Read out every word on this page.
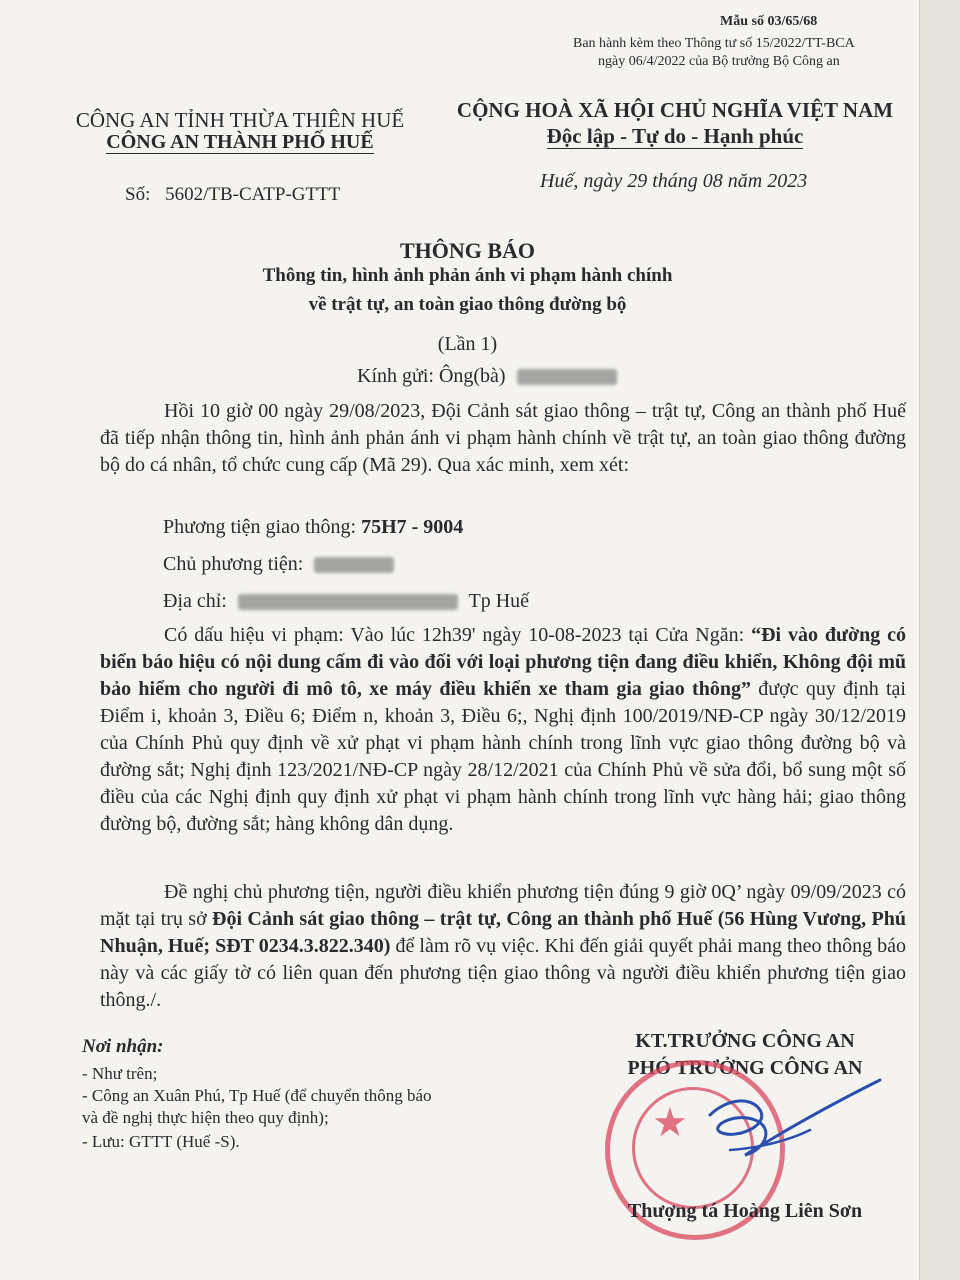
Mẫu số 03/65/68
Ban hành kèm theo Thông tư số 15/2022/TT-BCA
ngày 06/4/2022 của Bộ trưởng Bộ Công an
CÔNG AN TỈNH THỪA THIÊN HUẾ
CÔNG AN THÀNH PHỐ HUẾ
Số: 5602/TB-CATP-GTTT
CỘNG HOÀ XÃ HỘI CHỦ NGHĨA VIỆT NAM
Độc lập - Tự do - Hạnh phúc
Huế, ngày 29 tháng 08 năm 2023
THÔNG BÁO
Thông tin, hình ảnh phản ánh vi phạm hành chính
về trật tự, an toàn giao thông đường bộ
(Lần 1)
Kính gửi: Ông(bà)
Hồi 10 giờ 00 ngày 29/08/2023, Đội Cảnh sát giao thông – trật tự, Công an thành phố Huế đã tiếp nhận thông tin, hình ảnh phản ánh vi phạm hành chính về trật tự, an toàn giao thông đường bộ do cá nhân, tổ chức cung cấp (Mã 29). Qua xác minh, xem xét:
Phương tiện giao thông: 75H7 - 9004
Chủ phương tiện:
Địa chỉ:	Tp Huế
Có dấu hiệu vi phạm: Vào lúc 12h39' ngày 10-08-2023 tại Cửa Ngăn: “Đi vào đường có biển báo hiệu có nội dung cấm đi vào đối với loại phương tiện đang điều khiển, Không đội mũ bảo hiểm cho người đi mô tô, xe máy điều khiển xe tham gia giao thông” được quy định tại Điểm i, khoản 3, Điều 6; Điểm n, khoản 3, Điều 6;, Nghị định 100/2019/NĐ-CP ngày 30/12/2019 của Chính Phủ quy định về xử phạt vi phạm hành chính trong lĩnh vực giao thông đường bộ và đường sắt; Nghị định 123/2021/NĐ-CP ngày 28/12/2021 của Chính Phủ về sửa đổi, bổ sung một số điều của các Nghị định quy định xử phạt vi phạm hành chính trong lĩnh vực hàng hải; giao thông đường bộ, đường sắt; hàng không dân dụng.
Đề nghị chủ phương tiện, người điều khiển phương tiện đúng 9 giờ 0Q’ ngày 09/09/2023 có mặt tại trụ sở Đội Cảnh sát giao thông – trật tự, Công an thành phố Huế (56 Hùng Vương, Phú Nhuận, Huế; SĐT 0234.3.822.340) để làm rõ vụ việc. Khi đến giải quyết phải mang theo thông báo này và các giấy tờ có liên quan đến phương tiện giao thông và người điều khiển phương tiện giao thông./.
Nơi nhận:
- Như trên;
- Công an Xuân Phú, Tp Huế (để chuyển thông báo
và đề nghị thực hiện theo quy định);
- Lưu: GTTT (Huế -S).
KT.TRƯỞNG CÔNG AN
PHÓ TRƯỞNG CÔNG AN
★
Thượng tá Hoàng Liên Sơn
